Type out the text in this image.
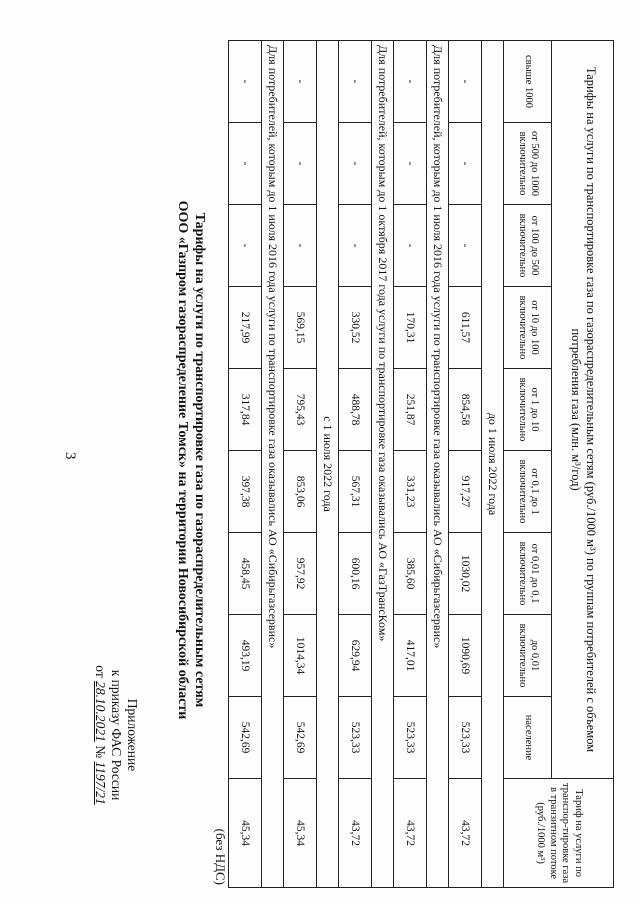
3
Приложение
к приказу ФАС России
от 28.10.2021 № 1197/21
Тарифы на услуги по транспортировке газа по газораспределительным сетям
ООО «Газпром газораспределение Томск» на территории Новосибирской области
(без НДС)
Тарифы на услуги по транспортировке газа по газораспределительным сетям (руб./1000 м³) по группам потребителей с объемом потребления газа (млн. м³/год)									Тариф на услуги по транспор-тировке газа в транзитном потоке (руб./1000 м³)
свыше 1000	от 500 до 1000 включительно	от 100 до 500 включительно	от 10 до 100 включительно	от 1 до 10 включительно	от 0,1 до 1 включительно	от 0,01 до 0,1 включительно	до 0,01 включительно	население	
до 1 июля 2022 года									
-	-	-	611,57	854,58	917,27	1030,02	1090,69	523,33	43,72
Для потребителей, которым до 1 июля 2016 года услуги по транспортировке газа оказывались АО «Сибирьгазсервис»									
-	-	-	170,31	251,87	331,23	385,60	417,01	523,33	43,72
Для потребителей, которым до 1 октября 2017 года услуги по транспортировке газа оказывались АО «ГазТрансКом»									
-	-	-	330,52	488,78	567,31	600,16	629,94	523,33	43,72
с 1 июля 2022 года									
-	-	-	569,15	795,43	853,06	957,92	1014,34	542,69	45,34
Для потребителей, которым до 1 июля 2016 года услуги по транспортировке газа оказывались АО «Сибирьгазсервис»									
-	-	-	217,99	317,84	397,38	458,45	493,19	542,69	45,34
